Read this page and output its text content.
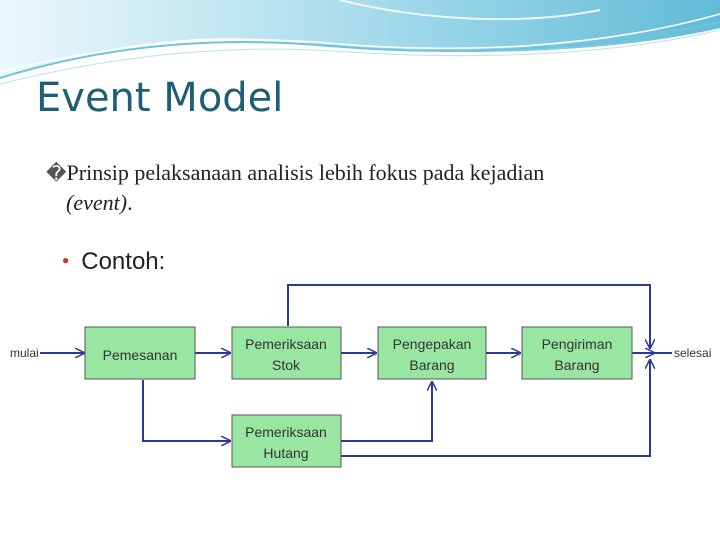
Event Model
�Prinsip pelaksanaan analisis lebih fokus pada kejadian
(event).
● Contoh:
Pemesanan
Pemeriksaan
Stok
Pemeriksaan
Hutang
Pengepakan
Barang
Pengiriman
Barang
mulai	selesai
